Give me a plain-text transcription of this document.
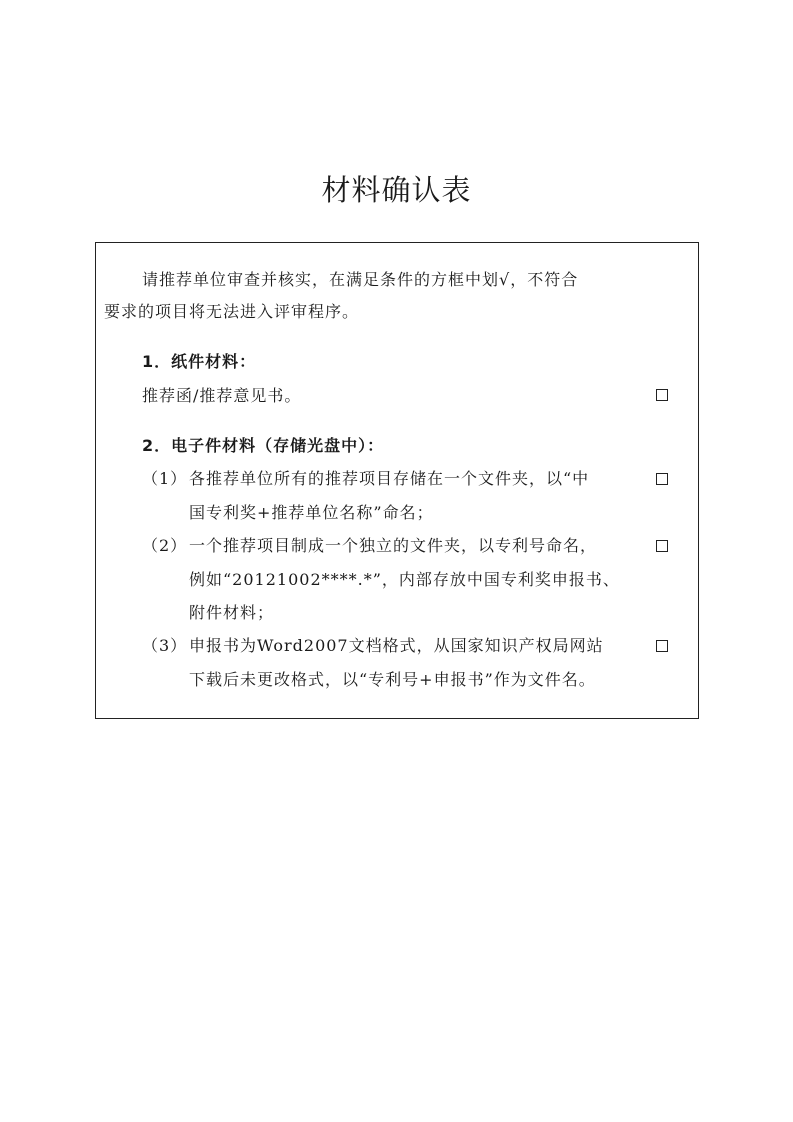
材料确认表
请推荐单位审查并核实，在满足条件的方框中划√，不符合
要求的项目将无法进入评审程序。
1．纸件材料：
推荐函/推荐意见书。
2．电子件材料（存储光盘中）：
（1） 各推荐单位所有的推荐项目存储在一个文件夹，以“中
国专利奖+推荐单位名称”命名；
（2） 一个推荐项目制成一个独立的文件夹，以专利号命名，
例如“20121002****.*”，内部存放中国专利奖申报书、
附件材料；
（3） 申报书为Word2007文档格式，从国家知识产权局网站
下载后未更改格式，以“专利号+申报书”作为文件名。
